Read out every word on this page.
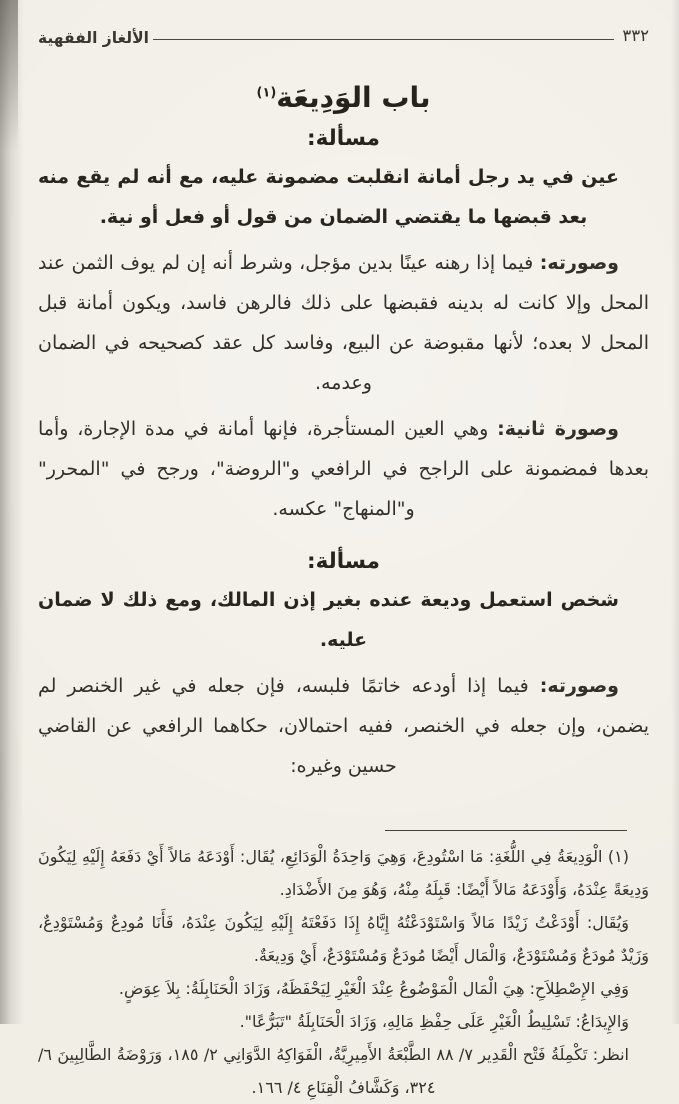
٣٣٢
الألغاز الفقهية
باب الوَدِيعَة$^{(١)}$
مسألة:

عين في يد رجل أمانة انقلبت مضمونة عليه، مع أنه لم يقع منه بعد قبضها ما يقتضي الضمان من قول أو فعل أو نية.

وصورته: فيما إذا رهنه عينًا بدين مؤجل، وشرط أنه إن لم يوف الثمن عند المحل وإلا كانت له بدينه فقبضها على ذلك فالرهن فاسد، ويكون أمانة قبل المحل لا بعده؛ لأنها مقبوضة عن البيع، وفاسد كل عقد كصحيحه في الضمان وعدمه.

وصورة ثانية: وهي العين المستأجرة، فإنها أمانة في مدة الإجارة، وأما بعدها فمضمونة على الراجح في الرافعي و"الروضة"، ورجح في "المحرر" و"المنهاج" عكسه.

مسألة:

شخص استعمل وديعة عنده بغير إذن المالك، ومع ذلك لا ضمان عليه.

وصورته: فيما إذا أودعه خاتمًا فلبسه، فإن جعله في غير الخنصر لم يضمن، وإن جعله في الخنصر، ففيه احتمالان، حكاهما الرافعي عن القاضي حسين وغيره:

(١) الْوَدِيعَةُ فِي اللُّغَةِ: مَا اسْتُودِعَ، وَهِيَ وَاحِدَةُ الْوَدَائِعِ، يُقَال: أَوْدَعَهُ مَالاً أَيْ دَفَعَهُ إِلَيْهِ لِيَكُونَ وَدِيعَةً عِنْدَهُ، وَأَوْدَعَهُ مَالاً أَيْضًا: قَبِلَهُ مِنْهُ، وَهُوَ مِنَ الأَضْدَادِ.

وَيُقَال: أَوْدَعْتُ زَيْدًا مَالاً وَاسْتَوْدَعْتُهُ إِيَّاهُ إِذَا دَفَعْتَهُ إِلَيْهِ لِيَكُونَ عِنْدَهُ، فَأَنَا مُودِعٌ وَمُسْتَوْدِعٌ، وَزَيْدٌ مُودَعٌ وَمُسْتَوْدَعٌ، وَالْمَال أَيْضًا مُودَعٌ وَمُسْتَوْدَعٌ، أَيْ وَدِيعَةٌ.

وَفِي الإِصْطِلاَحِ: هِيَ الْمَال الْمَوْضُوعُ عِنْدَ الْغَيْرِ لِيَحْفَظَهُ، وَزَادَ الْحَنَابِلَةُ: بِلاَ عِوَضٍ.

وَالإِيدَاعُ: تَسْلِيطُ الْغَيْرِ عَلَى حِفْظِ مَالِهِ، وَزَادَ الْحَنَابِلَةُ "تَبَرُّعًا".

انظر: تَكْمِلَةُ فَتْح الْقَدِير ٧/ ٨٨ الطَّبْعَةُ الأَمِيرِيَّةُ، الْفَوَاكِهُ الدَّوَانِي ٢/ ١٨٥، وَرَوْضَةُ الطَّالِبِينَ ٦/ ٣٢٤، وَكَشَّافُ الْقِنَاعِ ٤/ ١٦٦.
